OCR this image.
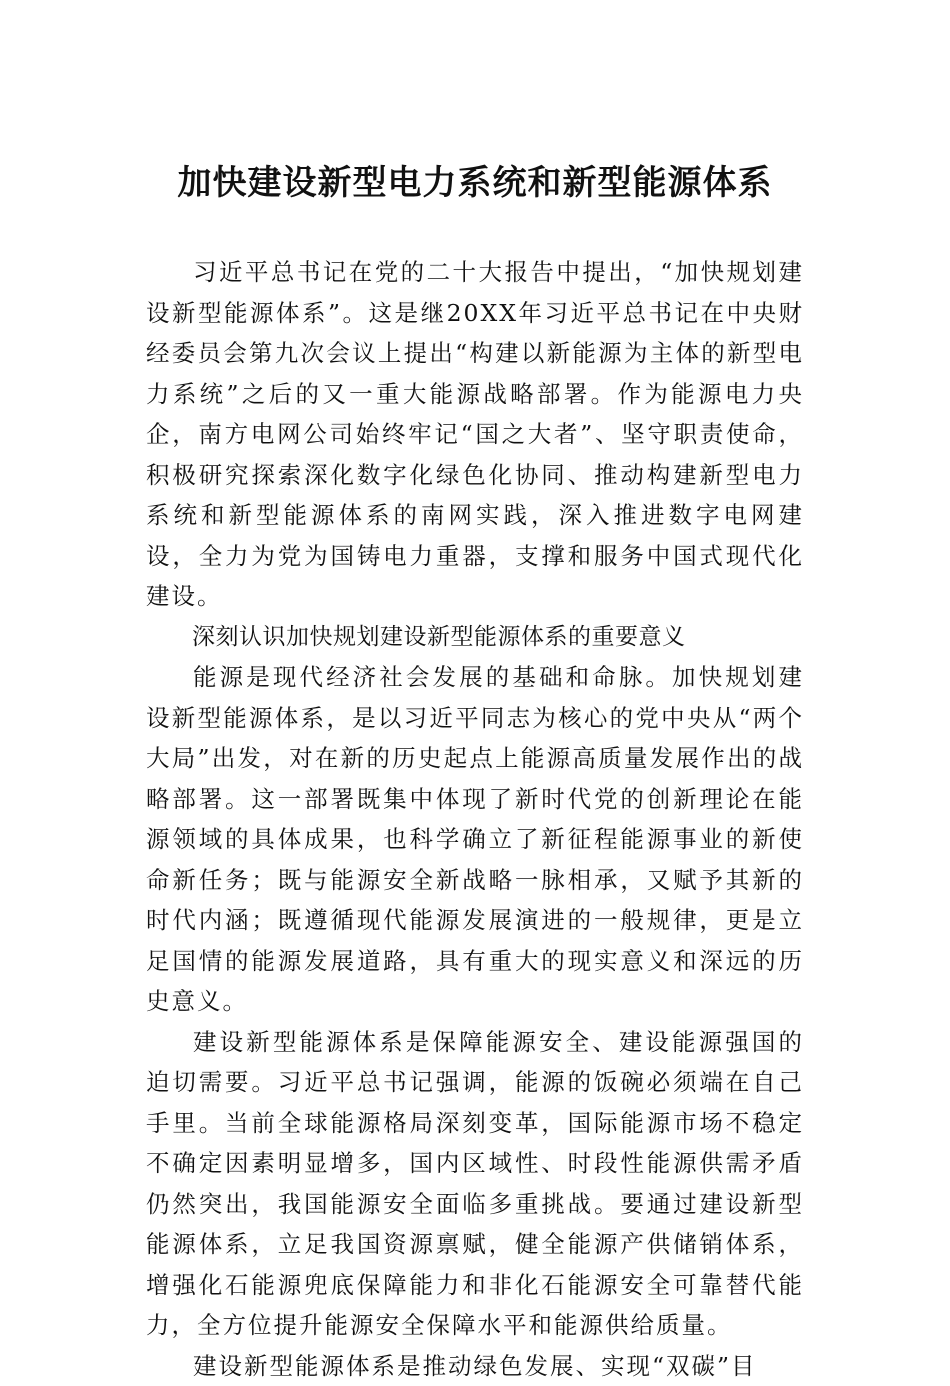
加快建设新型电力系统和新型能源体系

习近平总书记在党的二十大报告中提出，“加快规划建设新型能源体系”。这是继20XX年习近平总书记在中央财经委员会第九次会议上提出“构建以新能源为主体的新型电力系统”之后的又一重大能源战略部署。作为能源电力央企，南方电网公司始终牢记“国之大者”、坚守职责使命，积极研究探索深化数字化绿色化协同、推动构建新型电力系统和新型能源体系的南网实践，深入推进数字电网建设，全力为党为国铸电力重器，支撑和服务中国式现代化建设。

深刻认识加快规划建设新型能源体系的重要意义

能源是现代经济社会发展的基础和命脉。加快规划建设新型能源体系，是以习近平同志为核心的党中央从“两个大局”出发，对在新的历史起点上能源高质量发展作出的战略部署。这一部署既集中体现了新时代党的创新理论在能源领域的具体成果，也科学确立了新征程能源事业的新使命新任务；既与能源安全新战略一脉相承，又赋予其新的时代内涵；既遵循现代能源发展演进的一般规律，更是立足国情的能源发展道路，具有重大的现实意义和深远的历史意义。

建设新型能源体系是保障能源安全、建设能源强国的迫切需要。习近平总书记强调，能源的饭碗必须端在自己手里。当前全球能源格局深刻变革，国际能源市场不稳定不确定因素明显增多，国内区域性、时段性能源供需矛盾仍然突出，我国能源安全面临多重挑战。要通过建设新型能源体系，立足我国资源禀赋，健全能源产供储销体系，增强化石能源兜底保障能力和非化石能源安全可靠替代能力，全方位提升能源安全保障水平和能源供给质量。

建设新型能源体系是推动绿色发展、实现“双碳”目
